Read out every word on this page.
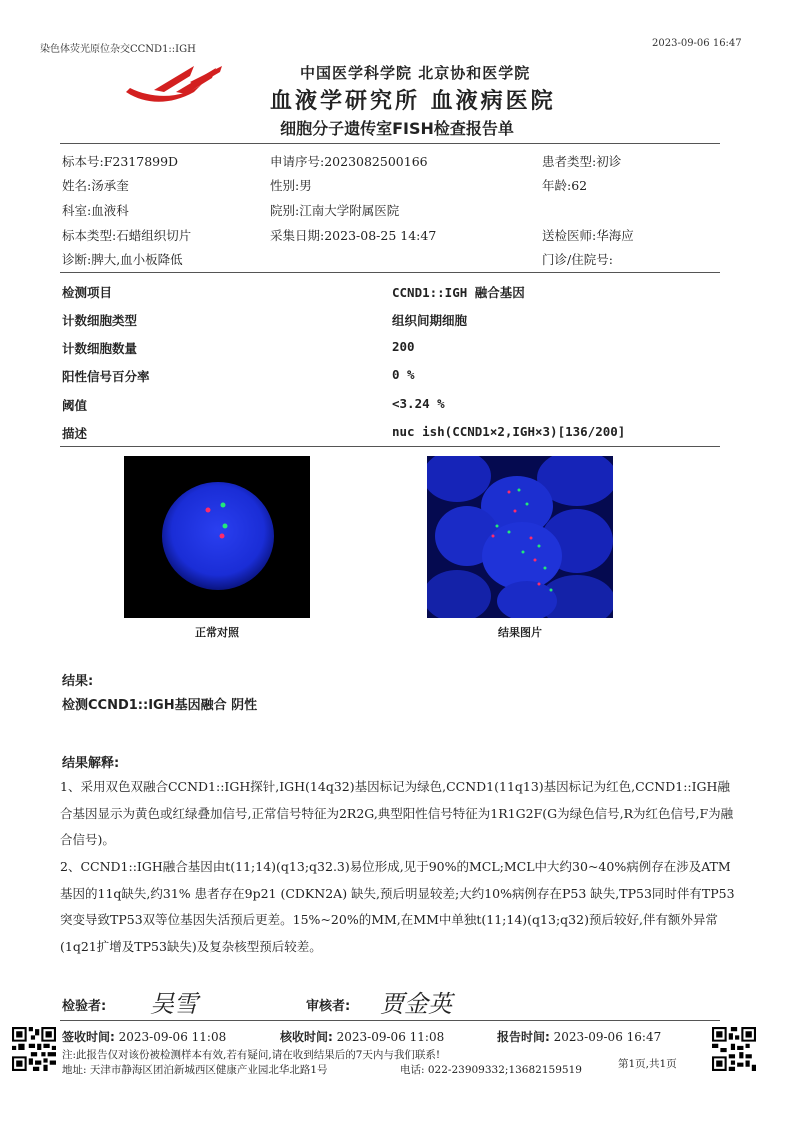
染色体荧光原位杂交CCND1::IGH
2023-09-06 16:47
中国医学科学院 北京协和医学院
血液学研究所 血液病医院
细胞分子遗传室FISH检查报告单
标本号:F2317899D	申请序号:2023082500166	患者类型:初诊
姓名:汤承奎	性别:男	年龄:62
科室:血液科	院别:江南大学附属医院
标本类型:石蜡组织切片	采集日期:2023-08-25 14:47	送检医师:华海应
诊断:脾大,血小板降低	门诊/住院号:
检测项目	CCND1::IGH 融合基因
计数细胞类型	组织间期细胞
计数细胞数量	200
阳性信号百分率	0 %
阈值	<3.24 %
描述	nuc ish(CCND1×2,IGH×3)[136/200]
正常对照	结果图片
结果:
检测CCND1::IGH基因融合 阴性
结果解释:
1、采用双色双融合CCND1::IGH探针,IGH(14q32)基因标记为绿色,CCND1(11q13)基因标记为红色,CCND1::IGH融合基因显示为黄色或红绿叠加信号,正常信号特征为2R2G,典型阳性信号特征为1R1G2F(G为绿色信号,R为红色信号,F为融合信号)。
2、CCND1::IGH融合基因由t(11;14)(q13;q32.3)易位形成,见于90%的MCL;MCL中大约30~40%病例存在涉及ATM基因的11q缺失,约31% 患者存在9p21 (CDKN2A) 缺失,预后明显较差;大约10%病例存在P53 缺失,TP53同时伴有TP53突变导致TP53双等位基因失活预后更差。15%~20%的MM,在MM中单独t(11;14)(q13;q32)预后较好,伴有额外异常(1q21扩增及TP53缺失)及复杂核型预后较差。
检验者: 吴雪	审核者: 贾金英
签收时间: 2023-09-06 11:08	核收时间: 2023-09-06 11:08	报告时间: 2023-09-06 16:47
注:此报告仅对该份被检测样本有效,若有疑问,请在收到结果后的7天内与我们联系!
地址: 天津市静海区团泊新城西区健康产业园北华北路1号	电话: 022-23909332;13682159519	第1页,共1页
